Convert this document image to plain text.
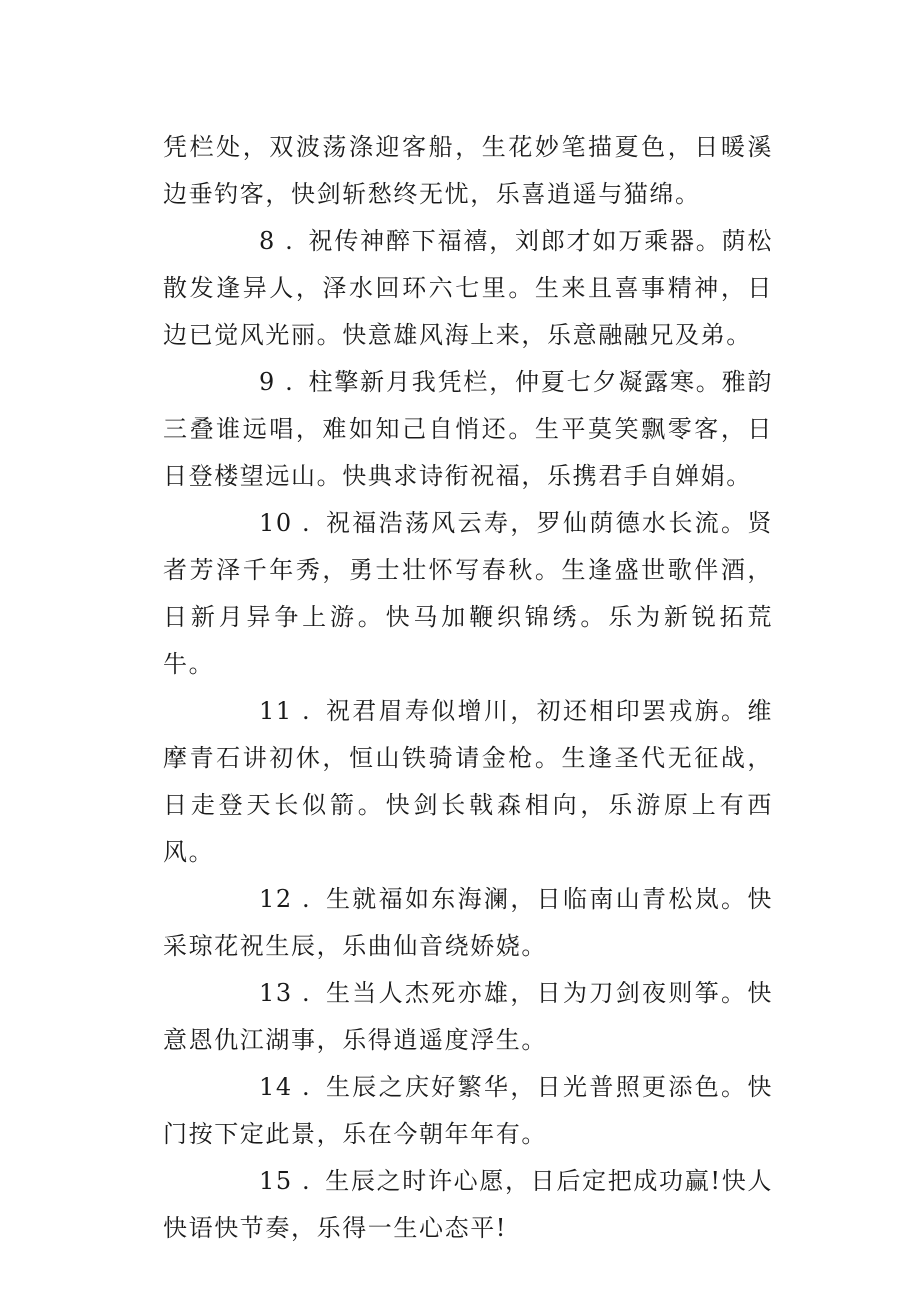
凭栏处，双波荡涤迎客船，生花妙笔描夏色，日暖溪边垂钓客，快剑斩愁终无忧，乐喜逍遥与猫绵。

8 . 祝传神醉下福禧，刘郎才如万乘器。荫松散发逢异人，泽水回环六七里。生来且喜事精神，日边已觉风光丽。快意雄风海上来，乐意融融兄及弟。

9 . 柱擎新月我凭栏，仲夏七夕凝露寒。雅韵三叠谁远唱，难如知己自悄还。生平莫笑飘零客，日日登楼望远山。快典求诗衔祝福，乐携君手自婵娟。

10 . 祝福浩荡风云寿，罗仙荫德水长流。贤者芳泽千年秀，勇士壮怀写春秋。生逢盛世歌伴酒，日新月异争上游。快马加鞭织锦绣。乐为新锐拓荒牛。

11 . 祝君眉寿似增川，初还相印罢戎旃。维摩青石讲初休，恒山铁骑请金枪。生逢圣代无征战，日走登天长似箭。快剑长戟森相向，乐游原上有西风。

12 . 生就福如东海澜，日临南山青松岚。快采琼花祝生辰，乐曲仙音绕娇娆。

13 . 生当人杰死亦雄，日为刀剑夜则筝。快意恩仇江湖事，乐得逍遥度浮生。

14 . 生辰之庆好繁华，日光普照更添色。快门按下定此景，乐在今朝年年有。

15 . 生辰之时许心愿，日后定把成功赢!快人快语快节奏，乐得一生心态平!
